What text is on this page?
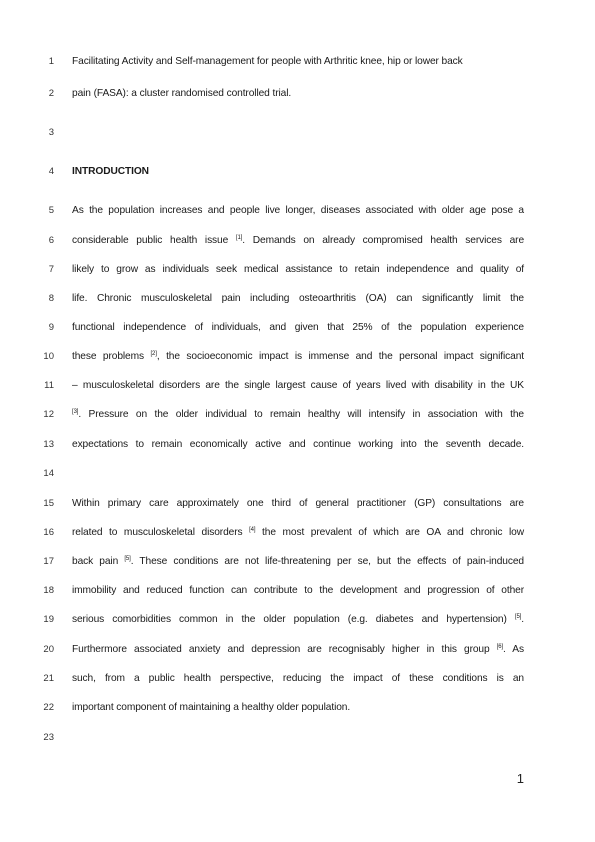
1 Facilitating Activity and Self-management for people with Arthritic knee, hip or lower back
2 pain (FASA): a cluster randomised controlled trial.
3
4 INTRODUCTION
5 As the population increases and people live longer, diseases associated with older age pose a
6 considerable public health issue [1]. Demands on already compromised health services are
7 likely to grow as individuals seek medical assistance to retain independence and quality of
8 life. Chronic musculoskeletal pain including osteoarthritis (OA) can significantly limit the
9 functional independence of individuals, and given that 25% of the population experience
10 these problems [2], the socioeconomic impact is immense and the personal impact significant
11 – musculoskeletal disorders are the single largest cause of years lived with disability in the UK
12	[3]. Pressure on the older individual to remain healthy will intensify in association with the
13 expectations to remain economically active and continue working into the seventh decade.
14
15 Within primary care approximately one third of general practitioner (GP) consultations are
16 related to musculoskeletal disorders [4] the most prevalent of which are OA and chronic low
17 back pain [5]. These conditions are not life-threatening per se, but the effects of pain-induced
18 immobility and reduced function can contribute to the development and progression of other
19 serious comorbidities common in the older population (e.g. diabetes and hypertension) [5].
20 Furthermore associated anxiety and depression are recognisably higher in this group [6]. As
21 such, from a public health perspective, reducing the impact of these conditions is an
22 important component of maintaining a healthy older population.
23
1
